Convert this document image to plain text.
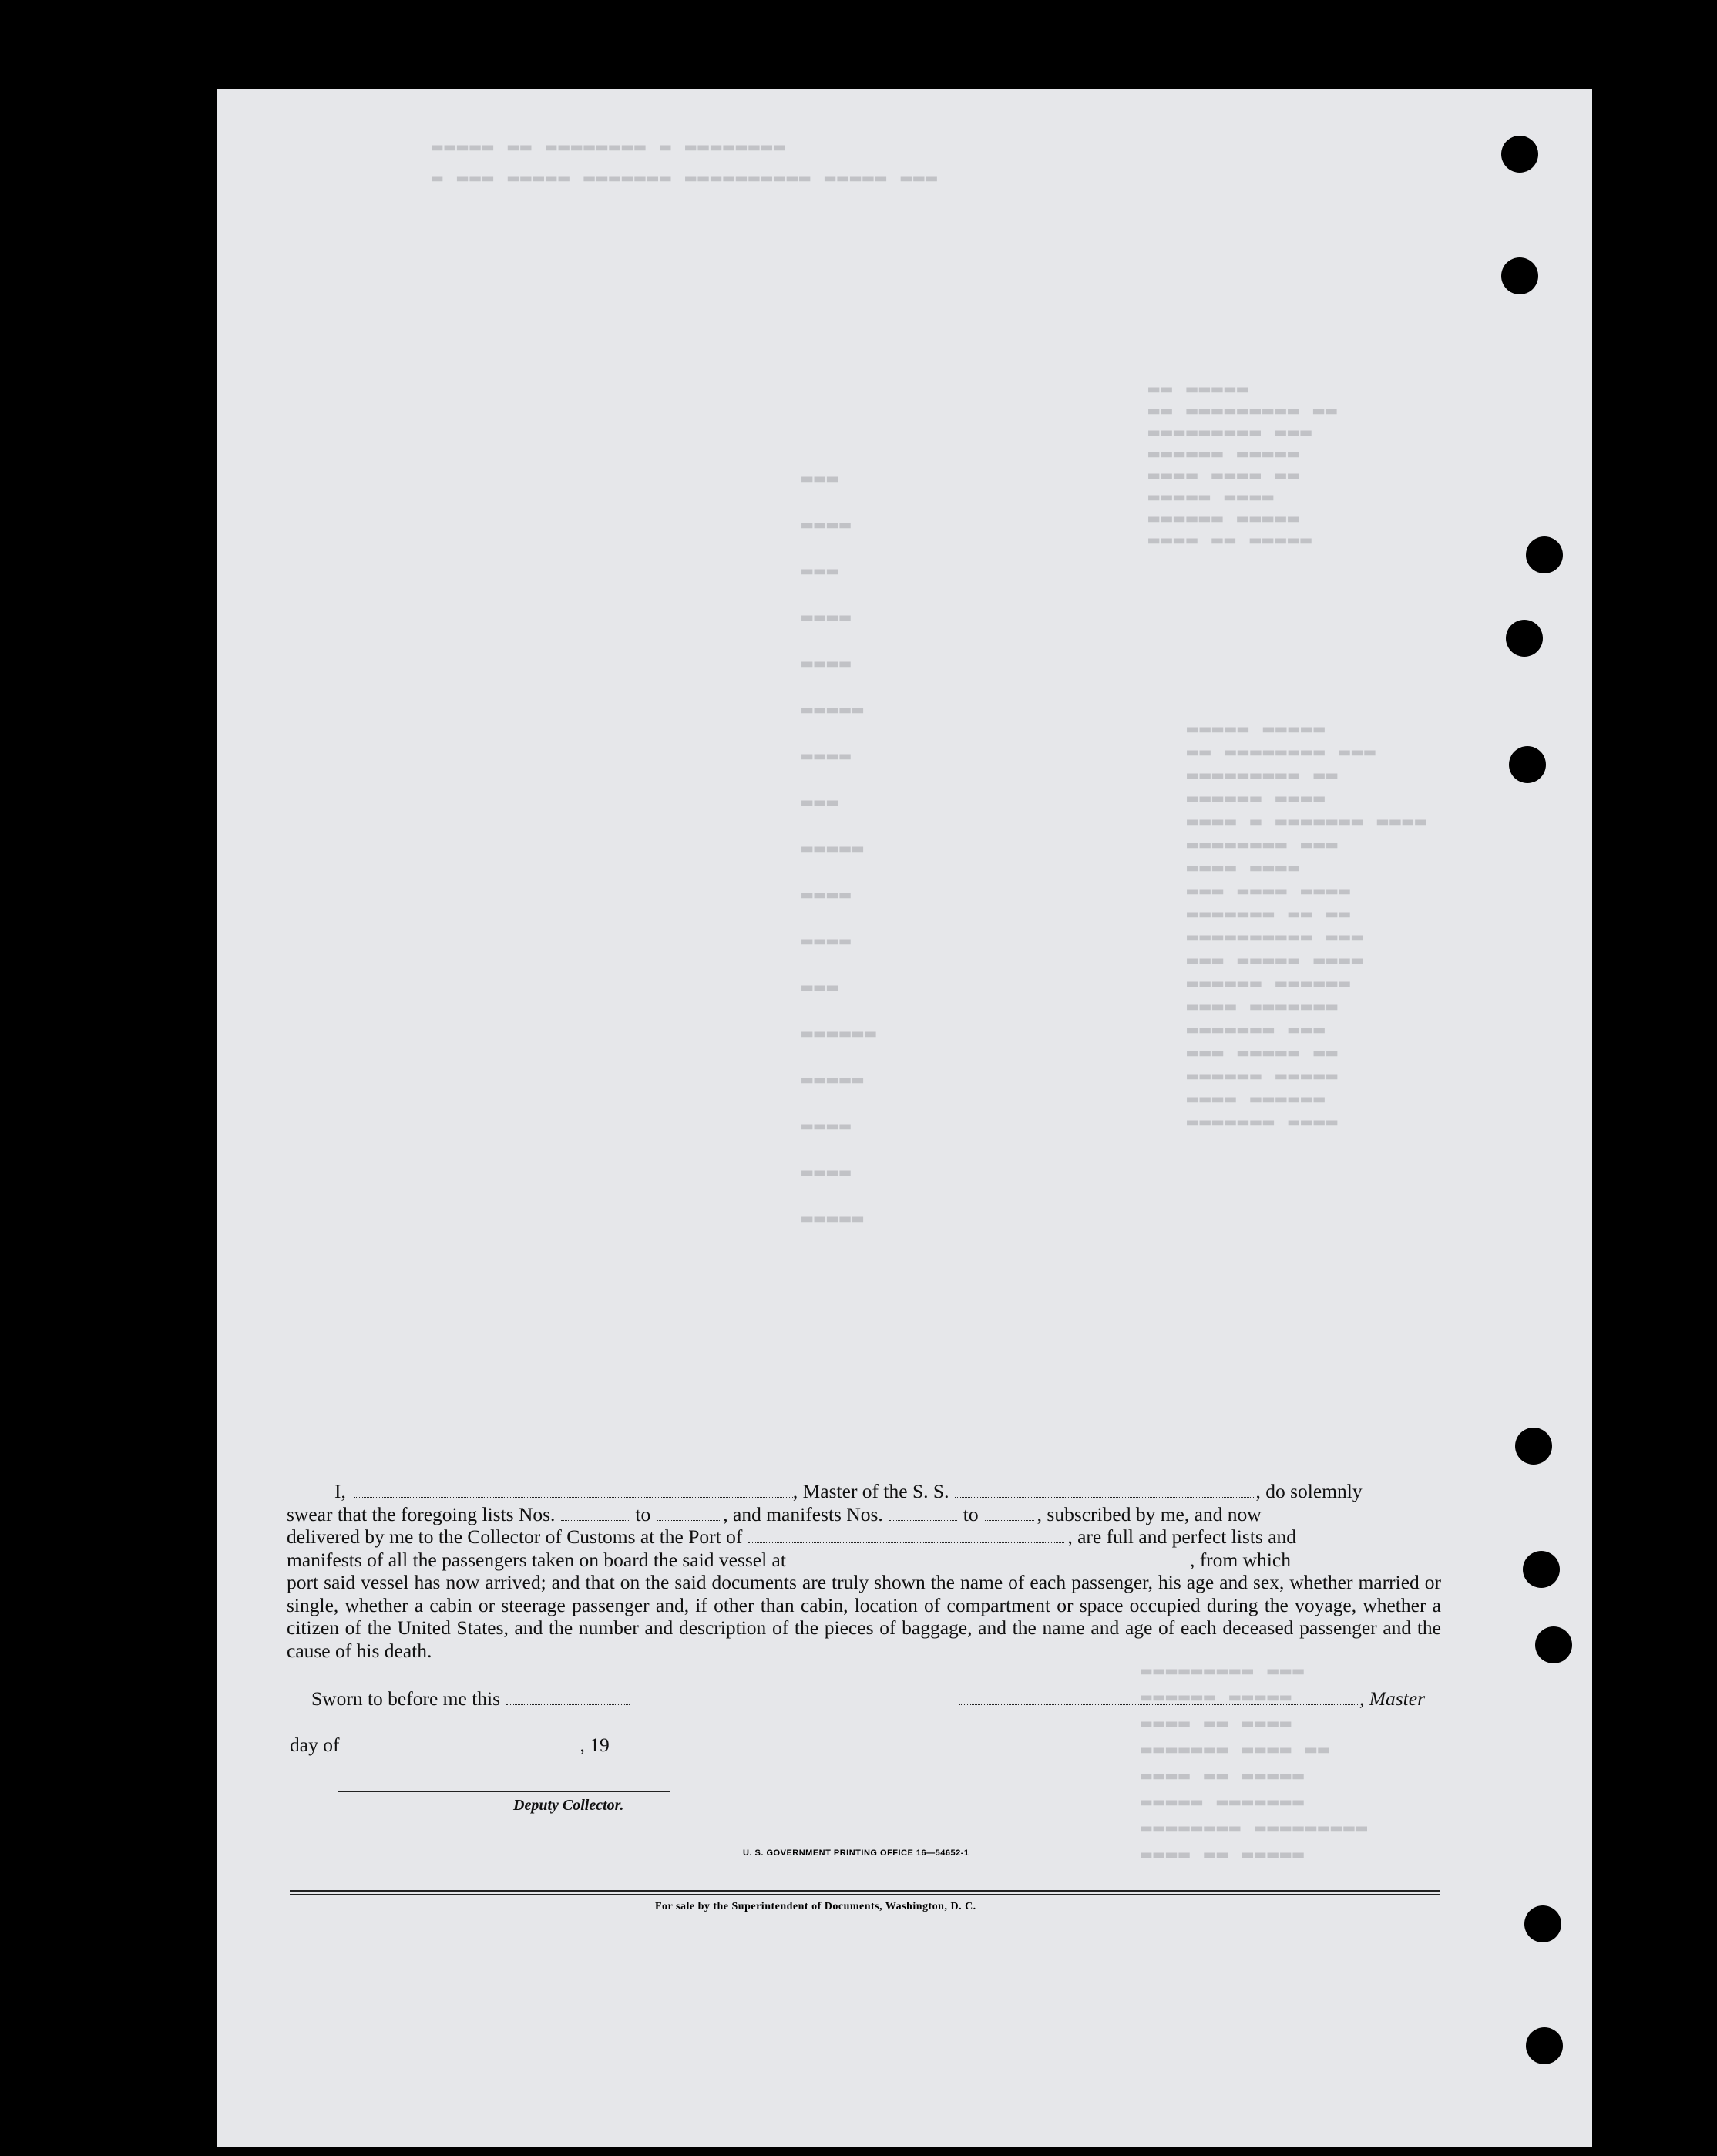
▬▬ ▬▬▬▬▬
▬▬ ▬▬▬▬▬▬▬▬▬ ▬▬
▬▬▬▬▬▬▬▬▬ ▬▬▬
▬▬▬▬▬▬ ▬▬▬▬▬
▬▬▬▬ ▬▬▬▬ ▬▬
▬▬▬▬▬ ▬▬▬▬
▬▬▬▬▬▬ ▬▬▬▬▬
▬▬▬▬ ▬▬ ▬▬▬▬▬
▬▬▬▬▬ ▬▬▬▬▬
▬▬ ▬▬▬▬▬▬▬▬ ▬▬▬
▬▬▬▬▬▬▬▬▬ ▬▬
▬▬▬▬▬▬ ▬▬▬▬
▬▬▬▬ ▬ ▬▬▬▬▬▬▬ ▬▬▬▬
▬▬▬▬▬▬▬▬ ▬▬▬
▬▬▬▬ ▬▬▬▬
▬▬▬ ▬▬▬▬ ▬▬▬▬
▬▬▬▬▬▬▬ ▬▬ ▬▬
▬▬▬▬▬▬▬▬▬▬ ▬▬▬
▬▬▬ ▬▬▬▬▬ ▬▬▬▬
▬▬▬▬▬▬ ▬▬▬▬▬▬
▬▬▬▬ ▬▬▬▬▬▬▬
▬▬▬▬▬▬▬ ▬▬▬
▬▬▬ ▬▬▬▬▬ ▬▬
▬▬▬▬▬▬ ▬▬▬▬▬
▬▬▬▬ ▬▬▬▬▬▬
▬▬▬▬▬▬▬ ▬▬▬▬
▬▬▬
▬▬▬▬
▬▬▬
▬▬▬▬
▬▬▬▬
▬▬▬▬▬
▬▬▬▬
▬▬▬
▬▬▬▬▬
▬▬▬▬
▬▬▬▬
▬▬▬
▬▬▬▬▬▬
▬▬▬▬▬
▬▬▬▬
▬▬▬▬
▬▬▬▬▬
▬▬▬▬▬▬▬▬▬ ▬▬▬
▬▬▬▬▬▬ ▬▬▬▬▬
▬▬▬▬ ▬▬ ▬▬▬▬
▬▬▬▬▬▬▬ ▬▬▬▬ ▬▬
▬▬▬▬ ▬▬ ▬▬▬▬▬
▬▬▬▬▬ ▬▬▬▬▬▬▬
▬▬▬▬▬▬▬▬ ▬▬▬▬▬▬▬▬▬
▬▬▬▬ ▬▬ ▬▬▬▬▬
▬▬▬▬▬ ▬▬ ▬▬▬▬▬▬▬▬ ▬ ▬▬▬▬▬▬▬▬
▬ ▬▬▬ ▬▬▬▬▬ ▬▬▬▬▬▬▬ ▬▬▬▬▬▬▬▬▬▬ ▬▬▬▬▬ ▬▬▬
I,	, Master of the S. S.	, do solemnly
swear that the foregoing lists Nos.	to	, and manifests Nos.	to	, subscribed by me, and now
delivered by me to the Collector of Customs at the Port of	, are full and perfect lists and
manifests of all the passengers taken on board the said vessel at	, from which
port said vessel has now arrived; and that on the said documents are truly shown the name of each passenger, his age and sex, whether married or single, whether a cabin or steerage passenger and, if other than cabin, location of compartment or space occupied during the voyage, whether a citizen of the United States, and the number and description of the pieces of baggage, and the name and age of each deceased passenger and the cause of his death.
Sworn to before me this	, Master
day of	, 19
Deputy Collector.
U. S. GOVERNMENT PRINTING OFFICE 16—54652-1
For sale by the Superintendent of Documents, Washington, D. C.
